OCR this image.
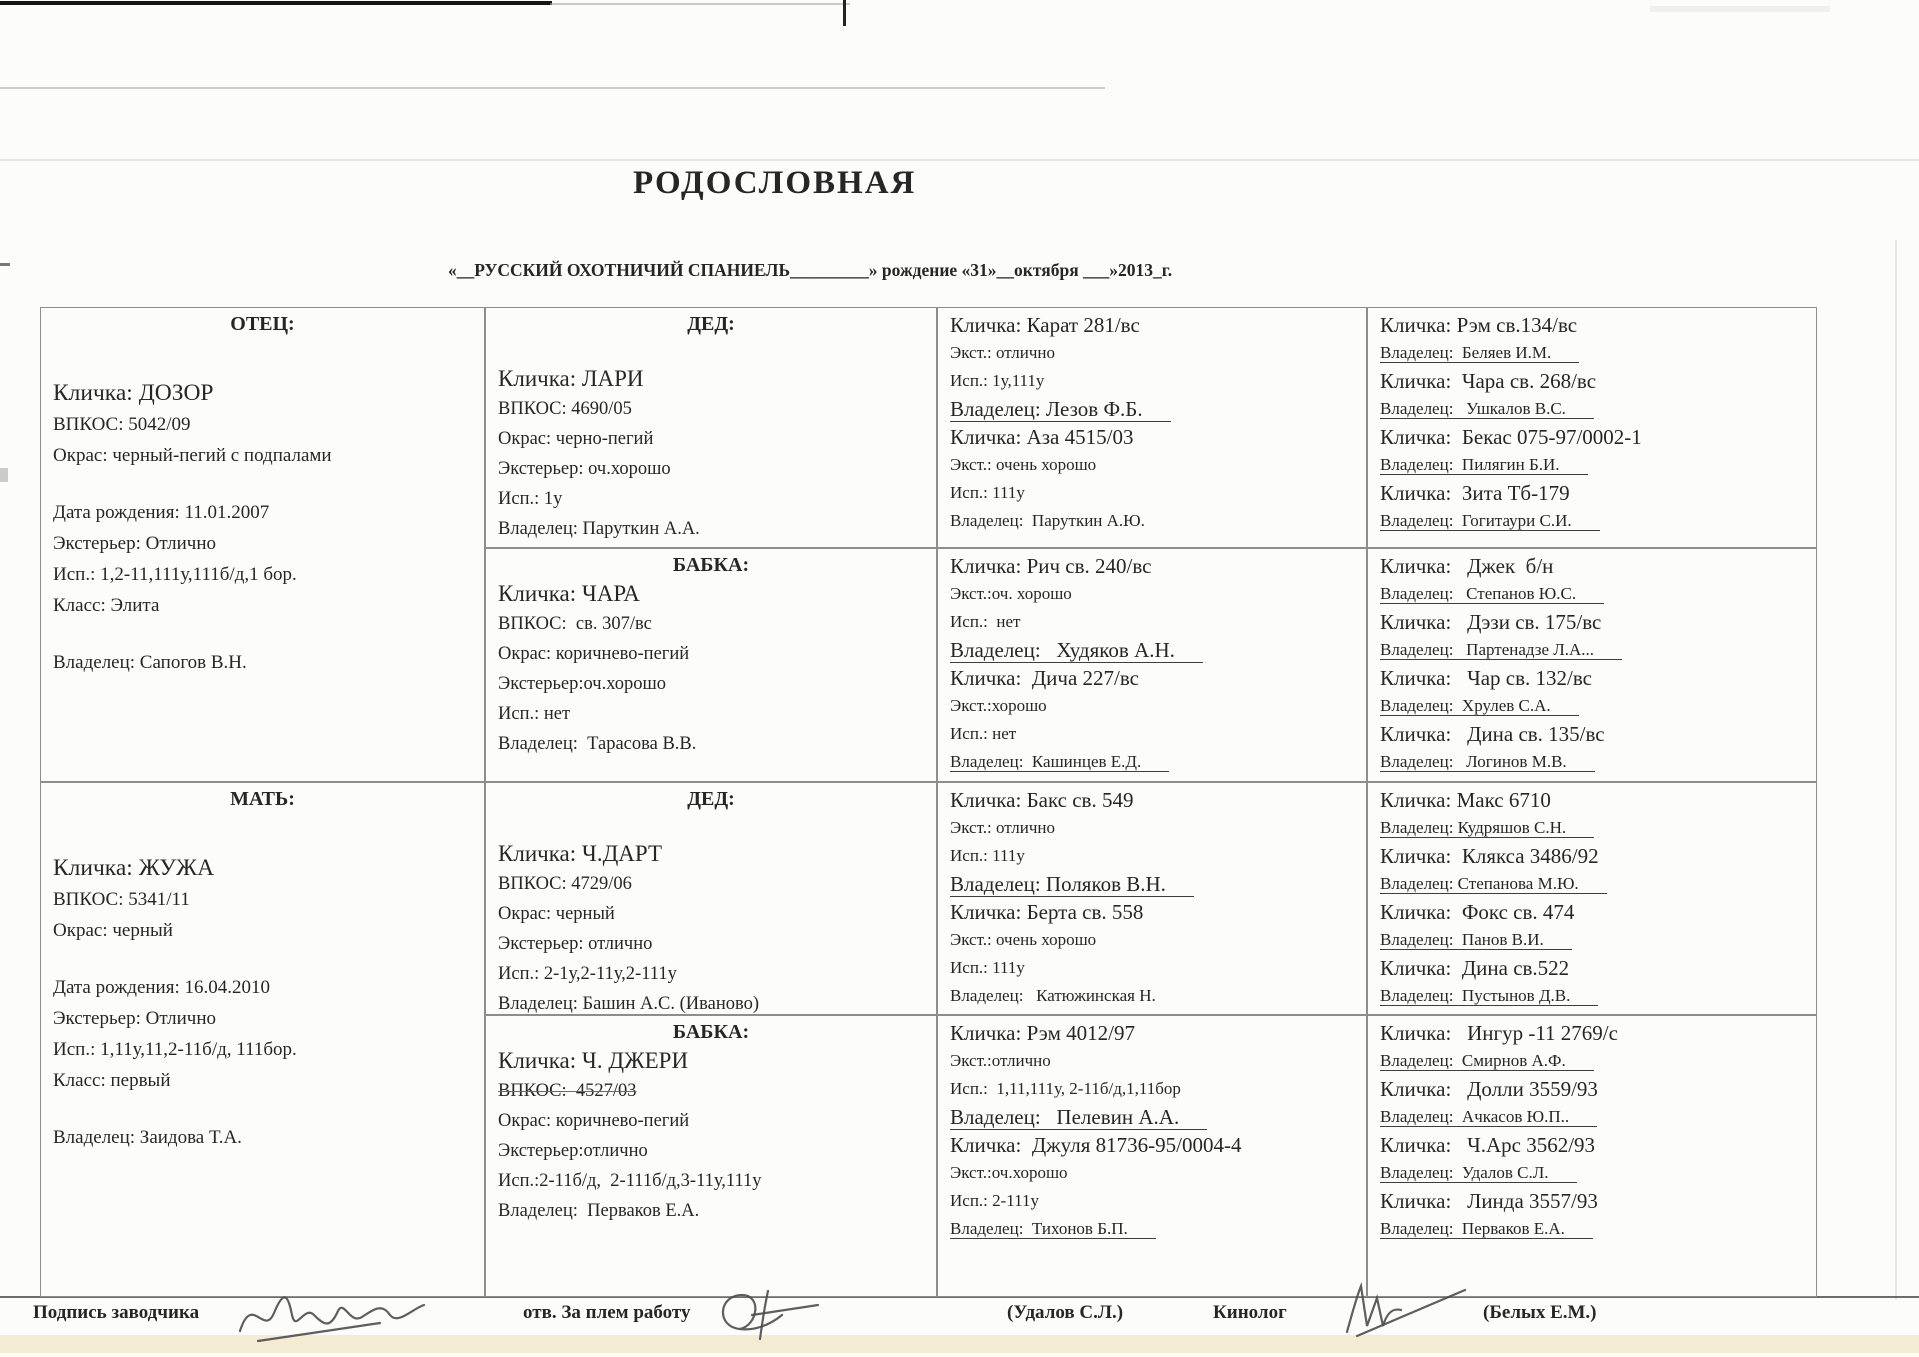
РОДОСЛОВНАЯ
«__РУССКИЙ ОХОТНИЧИЙ СПАНИЕЛЬ_________» рождение «31»__октября ___»2013_г.
ОТЕЦ:
Кличка: ДОЗОР
ВПКОС: 5042/09
Окрас: черный-пегий с подпалами
Дата рождения: 11.01.2007
Экстерьер: Отлично
Исп.: 1,2-11,111у,111б/д,1 бор.
Класс: Элита
Владелец: Сапогов В.Н.
МАТЬ:
Кличка: ЖУЖА
ВПКОС: 5341/11
Окрас: черный
Дата рождения: 16.04.2010
Экстерьер: Отлично
Исп.: 1,11у,11,2-11б/д, 111бор.
Класс: первый
Владелец: Заидова Т.А.
ДЕД:
Кличка: ЛАРИ
ВПКОС: 4690/05
Окрас: черно-пегий
Экстерьер: оч.хорошо
Исп.: 1у
Владелец: Паруткин А.А.
БАБКА:
Кличка: ЧАРА
ВПКОС:  св. 307/вс
Окрас: коричнево-пегий
Экстерьер:оч.хорошо
Исп.: нет
Владелец:  Тарасова В.В.
ДЕД:
Кличка: Ч.ДАРТ
ВПКОС: 4729/06
Окрас: черный
Экстерьер: отлично
Исп.: 2-1у,2-11у,2-111у
Владелец: Башин А.С. (Иваново)
БАБКА:
Кличка: Ч. ДЖЕРИ
ВПКОС:  4527/03
Окрас: коричнево-пегий
Экстерьер:отлично
Исп.:2-11б/д,  2-111б/д,3-11у,111у
Владелец:  Перваков Е.А.
Кличка: Карат 281/вс
Экст.: отлично
Исп.: 1у,111у
Владелец: Лезов Ф.Б.
Кличка: Аза 4515/03
Экст.: очень хорошо
Исп.: 111у
Владелец:  Паруткин А.Ю.
Кличка: Рич св. 240/вс
Экст.:оч. хорошо
Исп.:  нет
Владелец:   Худяков А.Н.
Кличка:  Дича 227/вс
Экст.:хорошо
Исп.: нет
Владелец:  Кашинцев Е.Д.
Кличка: Бакс св. 549
Экст.: отлично
Исп.: 111у
Владелец: Поляков В.Н.
Кличка: Берта св. 558
Экст.: очень хорошо
Исп.: 111у
Владелец:   Катюжинская Н.
Кличка: Рэм 4012/97
Экст.:отлично
Исп.:  1,11,111у, 2-11б/д,1,11бор
Владелец:   Пелевин А.А.
Кличка:  Джуля 81736-95/0004-4
Экст.:оч.хорошо
Исп.: 2-111у
Владелец:  Тихонов Б.П.
Кличка: Рэм св.134/вс
Владелец:  Беляев И.М.
Кличка:  Чара св. 268/вс
Владелец:   Ушкалов В.С.
Кличка:  Бекас 075-97/0002-1
Владелец:  Пилягин Б.И.
Кличка:  Зита Тб-179
Владелец:  Гогитаури С.И.
Кличка:   Джек  б/н
Владелец:   Степанов Ю.С.
Кличка:   Дэзи св. 175/вс
Владелец:   Партенадзе Л.А...
Кличка:   Чар св. 132/вс
Владелец:  Хрулев С.А.
Кличка:   Дина св. 135/вс
Владелец:   Логинов М.В.
Кличка: Макс 6710
Владелец: Кудряшов С.Н.
Кличка:  Клякса 3486/92
Владелец: Степанова М.Ю.
Кличка:  Фокс св. 474
Владелец:  Панов В.И.
Кличка:  Дина св.522
Владелец:  Пустынов Д.В.
Кличка:   Ингур -11 2769/с
Владелец:  Смирнов А.Ф.
Кличка:   Долли 3559/93
Владелец:  Ачкасов Ю.П..
Кличка:   Ч.Арс 3562/93
Владелец:  Удалов С.Л.
Кличка:   Линда 3557/93
Владелец:  Перваков Е.А.
Подпись заводчика	отв. За плем работу	(Удалов С.Л.)	Кинолог	(Белых Е.М.)
